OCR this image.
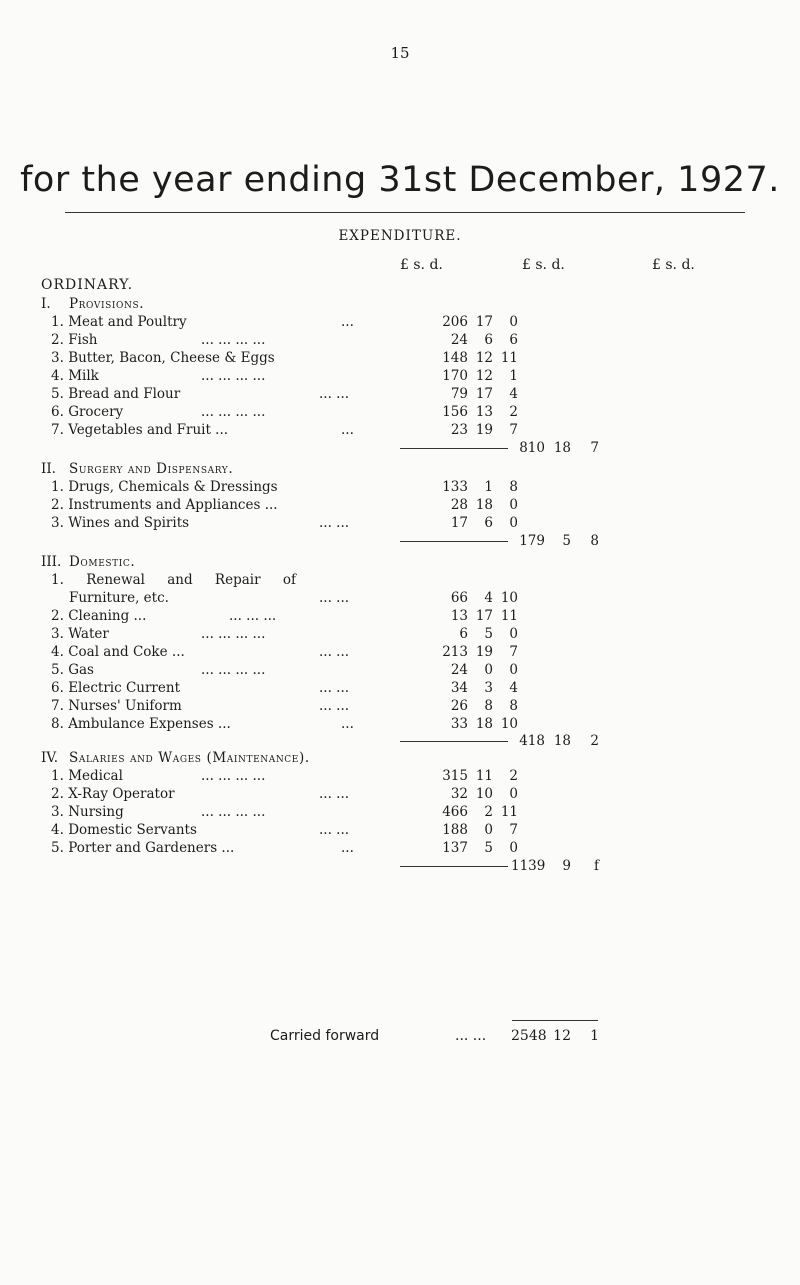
15
for the year ending 31st December, 1927.
EXPENDITURE.
£ s. d.	£ s. d.	£ s. d.
ORDINARY.
I. Provisions.
1. Meat and Poultry	...	206 17	0
2. Fish	... ... ... ...	24	6	6
3. Butter, Bacon, Cheese & Eggs	148 12 11
4. Milk	... ... ... ...	170 12	1
5. Bread and Flour	... ...	79 17	4
6. Grocery	... ... ... ...	156 13	2
7. Vegetables and Fruit ...	...	23 19	7
810 18	7
II. Surgery and Dispensary.
1. Drugs, Chemicals & Dressings	133	1	8
2. Instruments and Appliances ...	28 18	0
3. Wines and Spirits	... ...	17	6	0
179	5	8
III. Domestic.
1. Renewal and Repair of
Furniture, etc.	... ...	66	4 10
2. Cleaning ...	... ... ...	13 17 11
3. Water	... ... ... ...	6	5	0
4. Coal and Coke ...	... ...	213 19	7
5. Gas	... ... ... ...	24	0	0
6. Electric Current	... ...	34	3	4
7. Nurses' Uniform	... ...	26	8	8
8. Ambulance Expenses ...	...	33 18 10
418 18	2
IV. Salaries and Wages (Maintenance).
1. Medical	... ... ... ...	315 11	2
2. X-Ray Operator	... ...	32 10	0
3. Nursing	... ... ... ...	466	2 11
4. Domestic Servants	... ...	188	0	7
5. Porter and Gardeners ...	...	137	5	0
1139	9	f
Carried forward	... ... 2548 12	1
